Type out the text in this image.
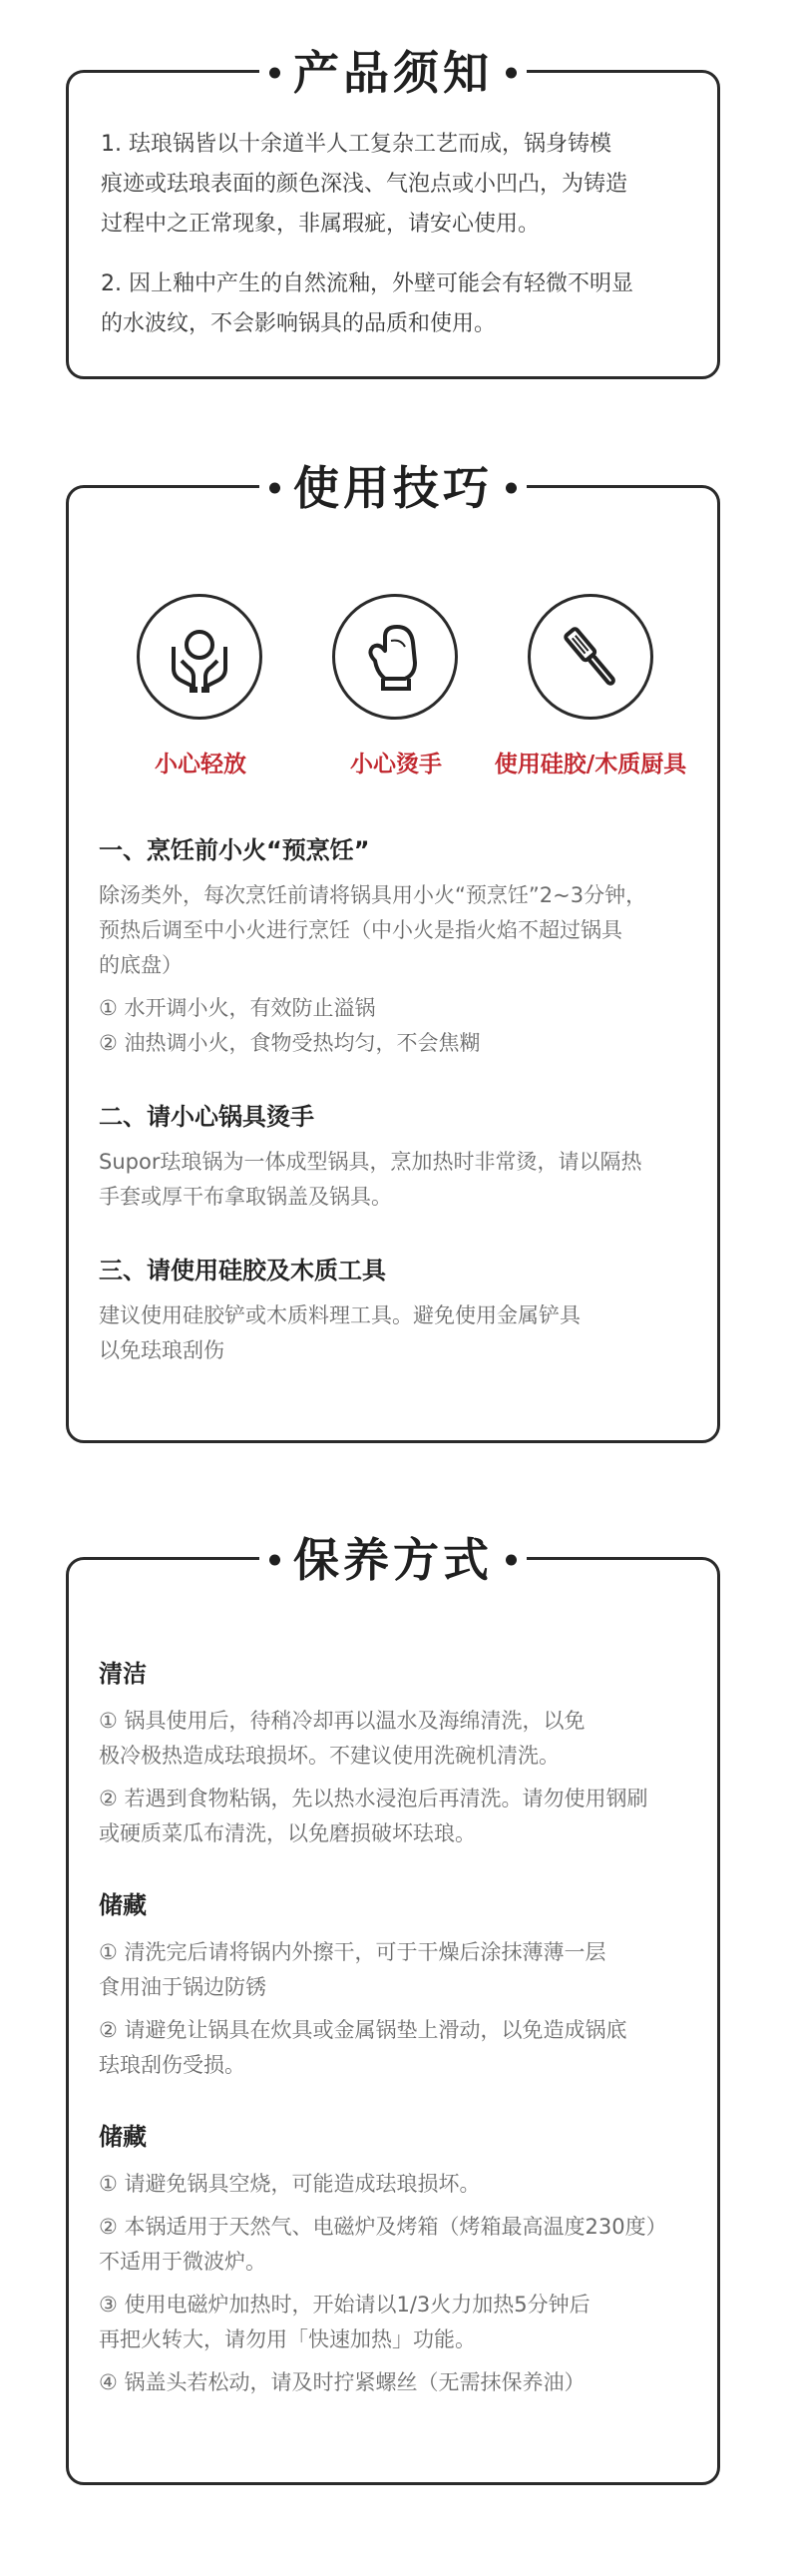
产品须知

1. 珐琅锅皆以十余道半人工复杂工艺而成，锅身铸模

痕迹或珐琅表面的颜色深浅、气泡点或小凹凸，为铸造

过程中之正常现象，非属瑕疵，请安心使用。

2. 因上釉中产生的自然流釉，外壁可能会有轻微不明显

的水波纹，不会影响锅具的品质和使用。

使用技巧
小心轻放	小心烫手	使用硅胶/木质厨具

一、烹饪前小火“预烹饪”

除汤类外，每次烹饪前请将锅具用小火“预烹饪”2~3分钟，

预热后调至中小火进行烹饪（中小火是指火焰不超过锅具

的底盘）

① 水开调小火，有效防止溢锅

② 油热调小火，食物受热均匀，不会焦糊

二、请小心锅具烫手

Supor珐琅锅为一体成型锅具，烹加热时非常烫，请以隔热

手套或厚干布拿取锅盖及锅具。

三、请使用硅胶及木质工具

建议使用硅胶铲或木质料理工具。避免使用金属铲具

以免珐琅刮伤

保养方式

清洁

① 锅具使用后，待稍冷却再以温水及海绵清洗，以免

极冷极热造成珐琅损坏。不建议使用洗碗机清洗。

② 若遇到食物粘锅，先以热水浸泡后再清洗。请勿使用钢刷

或硬质菜瓜布清洗，以免磨损破坏珐琅。

储藏

① 清洗完后请将锅内外擦干，可于干燥后涂抹薄薄一层

食用油于锅边防锈

② 请避免让锅具在炊具或金属锅垫上滑动，以免造成锅底

珐琅刮伤受损。

储藏

① 请避免锅具空烧，可能造成珐琅损坏。

② 本锅适用于天然气、电磁炉及烤箱（烤箱最高温度230度）

不适用于微波炉。

③ 使用电磁炉加热时，开始请以1/3火力加热5分钟后

再把火转大，请勿用「快速加热」功能。

④ 锅盖头若松动，请及时拧紧螺丝（无需抹保养油）
